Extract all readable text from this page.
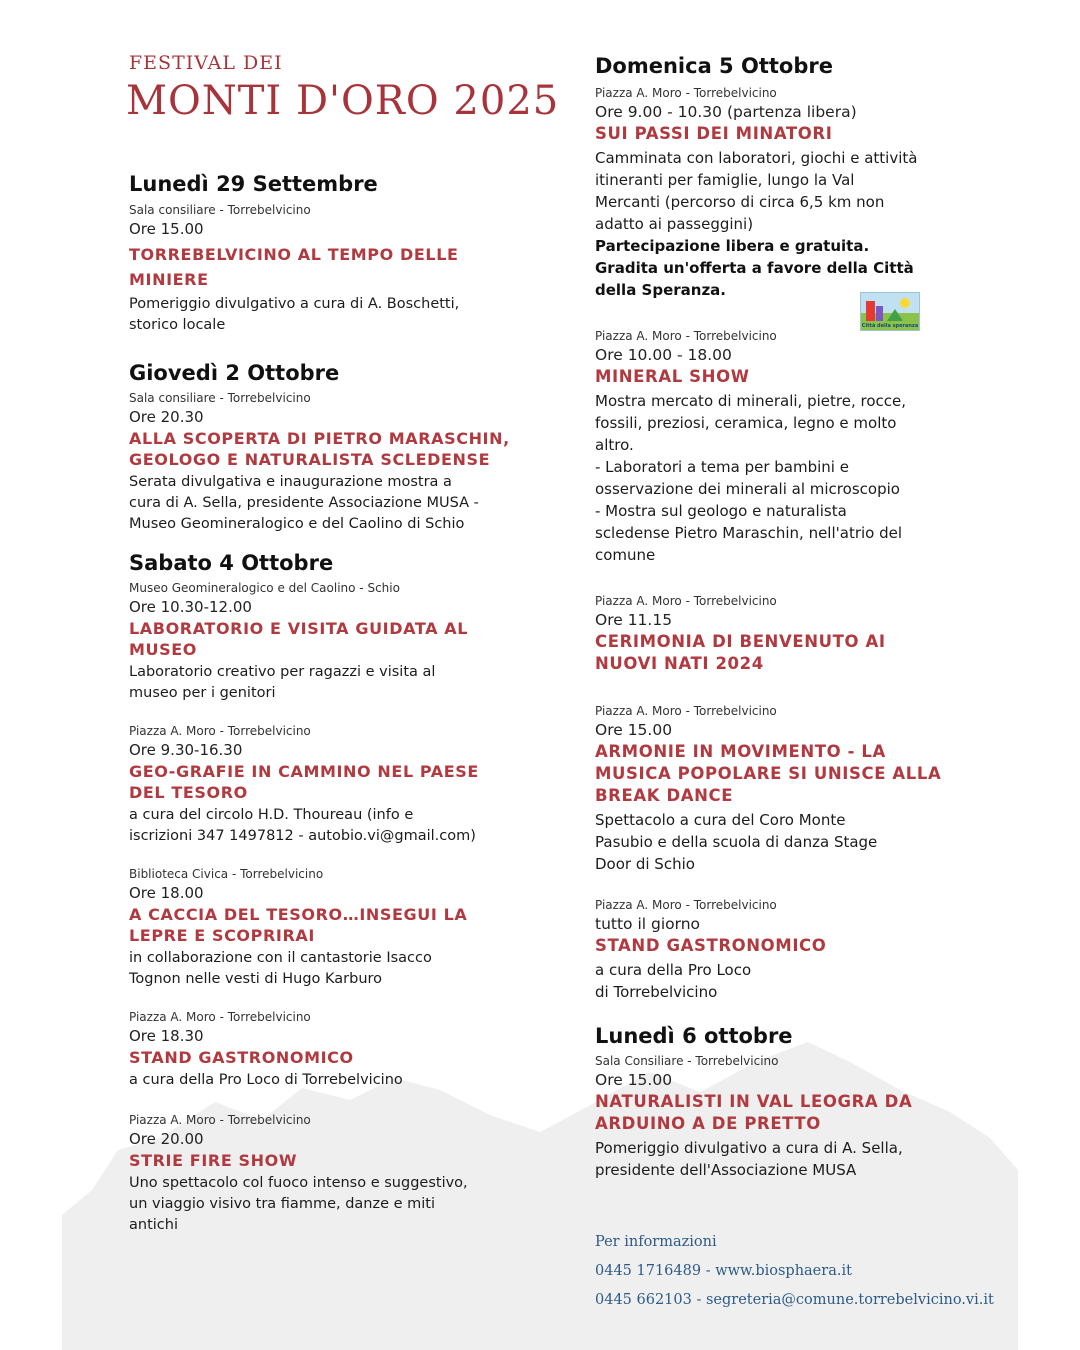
FESTIVAL DEI
MONTI D'ORO 2025
Lunedì 29 Settembre

Sala consiliare - Torrebelvicino

Ore 15.00

TORREBELVICINO AL TEMPO DELLE
MINIERE

Pomeriggio divulgativo a cura di A. Boschetti,
storico locale

Giovedì 2 Ottobre

Sala consiliare - Torrebelvicino

Ore 20.30

ALLA SCOPERTA DI PIETRO MARASCHIN,
GEOLOGO E NATURALISTA SCLEDENSE

Serata divulgativa e inaugurazione mostra a
cura di A. Sella, presidente Associazione MUSA -
Museo Geomineralogico e del Caolino di Schio

Sabato 4 Ottobre

Museo Geomineralogico e del Caolino - Schio

Ore 10.30-12.00

LABORATORIO E VISITA GUIDATA AL
MUSEO

Laboratorio creativo per ragazzi e visita al
museo per i genitori

Piazza A. Moro - Torrebelvicino

Ore 9.30-16.30

GEO-GRAFIE IN CAMMINO NEL PAESE
DEL TESORO

a cura del circolo H.D. Thoureau (info e
iscrizioni 347 1497812 - autobio.vi@gmail.com)

Biblioteca Civica - Torrebelvicino

Ore 18.00

A CACCIA DEL TESORO…INSEGUI LA
LEPRE E SCOPRIRAI

in collaborazione con il cantastorie Isacco
Tognon nelle vesti di Hugo Karburo

Piazza A. Moro - Torrebelvicino

Ore 18.30

STAND GASTRONOMICO

a cura della Pro Loco di Torrebelvicino

Piazza A. Moro - Torrebelvicino

Ore 20.00

STRIE FIRE SHOW

Uno spettacolo col fuoco intenso e suggestivo,
un viaggio visivo tra fiamme, danze e miti
antichi

Domenica 5 Ottobre

Piazza A. Moro - Torrebelvicino

Ore 9.00 - 10.30 (partenza libera)

SUI PASSI DEI MINATORI

Camminata con laboratori, giochi e attività
itineranti per famiglie, lungo la Val
Mercanti (percorso di circa 6,5 km non
adatto ai passeggini)

Partecipazione libera e gratuita.
Gradita un'offerta a favore della Città
della Speranza.

Piazza A. Moro - Torrebelvicino

Ore 10.00 - 18.00

MINERAL SHOW

Mostra mercato di minerali, pietre, rocce,
fossili, preziosi, ceramica, legno e molto
altro.
- Laboratori a tema per bambini e
osservazione dei minerali al microscopio
- Mostra sul geologo e naturalista
scledense Pietro Maraschin, nell'atrio del
comune

Piazza A. Moro - Torrebelvicino

Ore 11.15

CERIMONIA DI BENVENUTO AI
NUOVI NATI 2024

Piazza A. Moro - Torrebelvicino

Ore 15.00

ARMONIE IN MOVIMENTO - LA
MUSICA POPOLARE SI UNISCE ALLA
BREAK DANCE

Spettacolo a cura del Coro Monte
Pasubio e della scuola di danza Stage
Door di Schio

Piazza A. Moro - Torrebelvicino

tutto il giorno

STAND GASTRONOMICO

a cura della Pro Loco
di Torrebelvicino

Lunedì 6 ottobre

Sala Consiliare - Torrebelvicino

Ore 15.00

NATURALISTI IN VAL LEOGRA DA
ARDUINO A DE PRETTO

Pomeriggio divulgativo a cura di A. Sella,
presidente dell'Associazione MUSA

Città della speranza

Per informazioni

0445 1716489 - www.biosphaera.it

0445 662103 - segreteria@comune.torrebelvicino.vi.it
